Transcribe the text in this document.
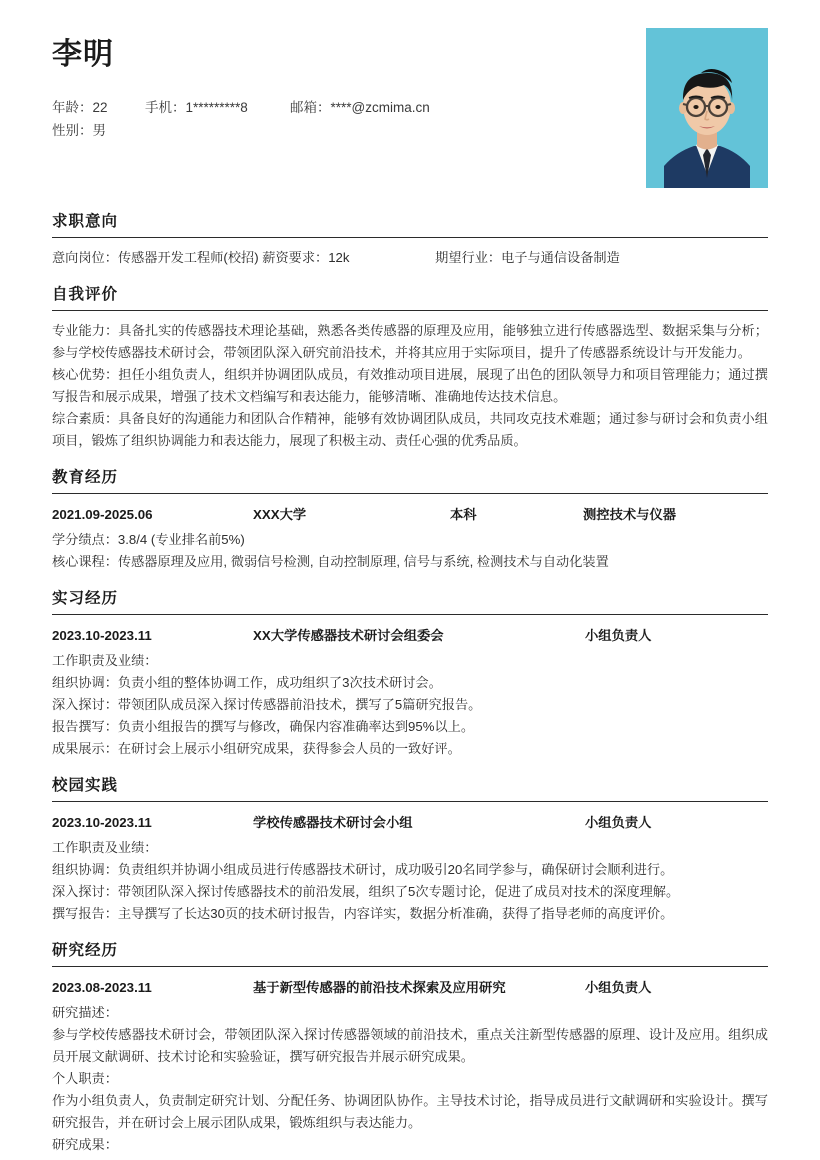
李明
年龄：22	手机：1*********8	邮箱：****@zcmima.cn
性别：男
求职意向
意向岗位：传感器开发工程师(校招) 薪资要求：12k	期望行业：电子与通信设备制造
自我评价
专业能力：具备扎实的传感器技术理论基础，熟悉各类传感器的原理及应用，能够独立进行传感器选型、数据采集与分析；参与学校传感器技术研讨会，带领团队深入研究前沿技术，并将其应用于实际项目，提升了传感器系统设计与开发能力。
核心优势：担任小组负责人，组织并协调团队成员，有效推动项目进展，展现了出色的团队领导力和项目管理能力；通过撰写报告和展示成果，增强了技术文档编写和表达能力，能够清晰、准确地传达技术信息。
综合素质：具备良好的沟通能力和团队合作精神，能够有效协调团队成员，共同攻克技术难题；通过参与研讨会和负责小组项目，锻炼了组织协调能力和表达能力，展现了积极主动、责任心强的优秀品质。
教育经历
2021.09-2025.06	XXX大学	本科	测控技术与仪器
学分绩点：3.8/4 (专业排名前5%)
核心课程：传感器原理及应用, 微弱信号检测, 自动控制原理, 信号与系统, 检测技术与自动化装置
实习经历
2023.10-2023.11	XX大学传感器技术研讨会组委会	小组负责人
工作职责及业绩：
组织协调：负责小组的整体协调工作，成功组织了3次技术研讨会。
深入探讨：带领团队成员深入探讨传感器前沿技术，撰写了5篇研究报告。
报告撰写：负责小组报告的撰写与修改，确保内容准确率达到95%以上。
成果展示：在研讨会上展示小组研究成果，获得参会人员的一致好评。
校园实践
2023.10-2023.11	学校传感器技术研讨会小组	小组负责人
工作职责及业绩：
组织协调：负责组织并协调小组成员进行传感器技术研讨，成功吸引20名同学参与，确保研讨会顺利进行。
深入探讨：带领团队深入探讨传感器技术的前沿发展，组织了5次专题讨论，促进了成员对技术的深度理解。
撰写报告：主导撰写了长达30页的技术研讨报告，内容详实，数据分析准确，获得了指导老师的高度评价。
研究经历
2023.08-2023.11	基于新型传感器的前沿技术探索及应用研究	小组负责人
研究描述：
参与学校传感器技术研讨会，带领团队深入探讨传感器领域的前沿技术，重点关注新型传感器的原理、设计及应用。组织成员开展文献调研、技术讨论和实验验证，撰写研究报告并展示研究成果。
个人职责：
作为小组负责人，负责制定研究计划、分配任务、协调团队协作。主导技术讨论，指导成员进行文献调研和实验设计。撰写研究报告，并在研讨会上展示团队成果，锻炼组织与表达能力。
研究成果：
